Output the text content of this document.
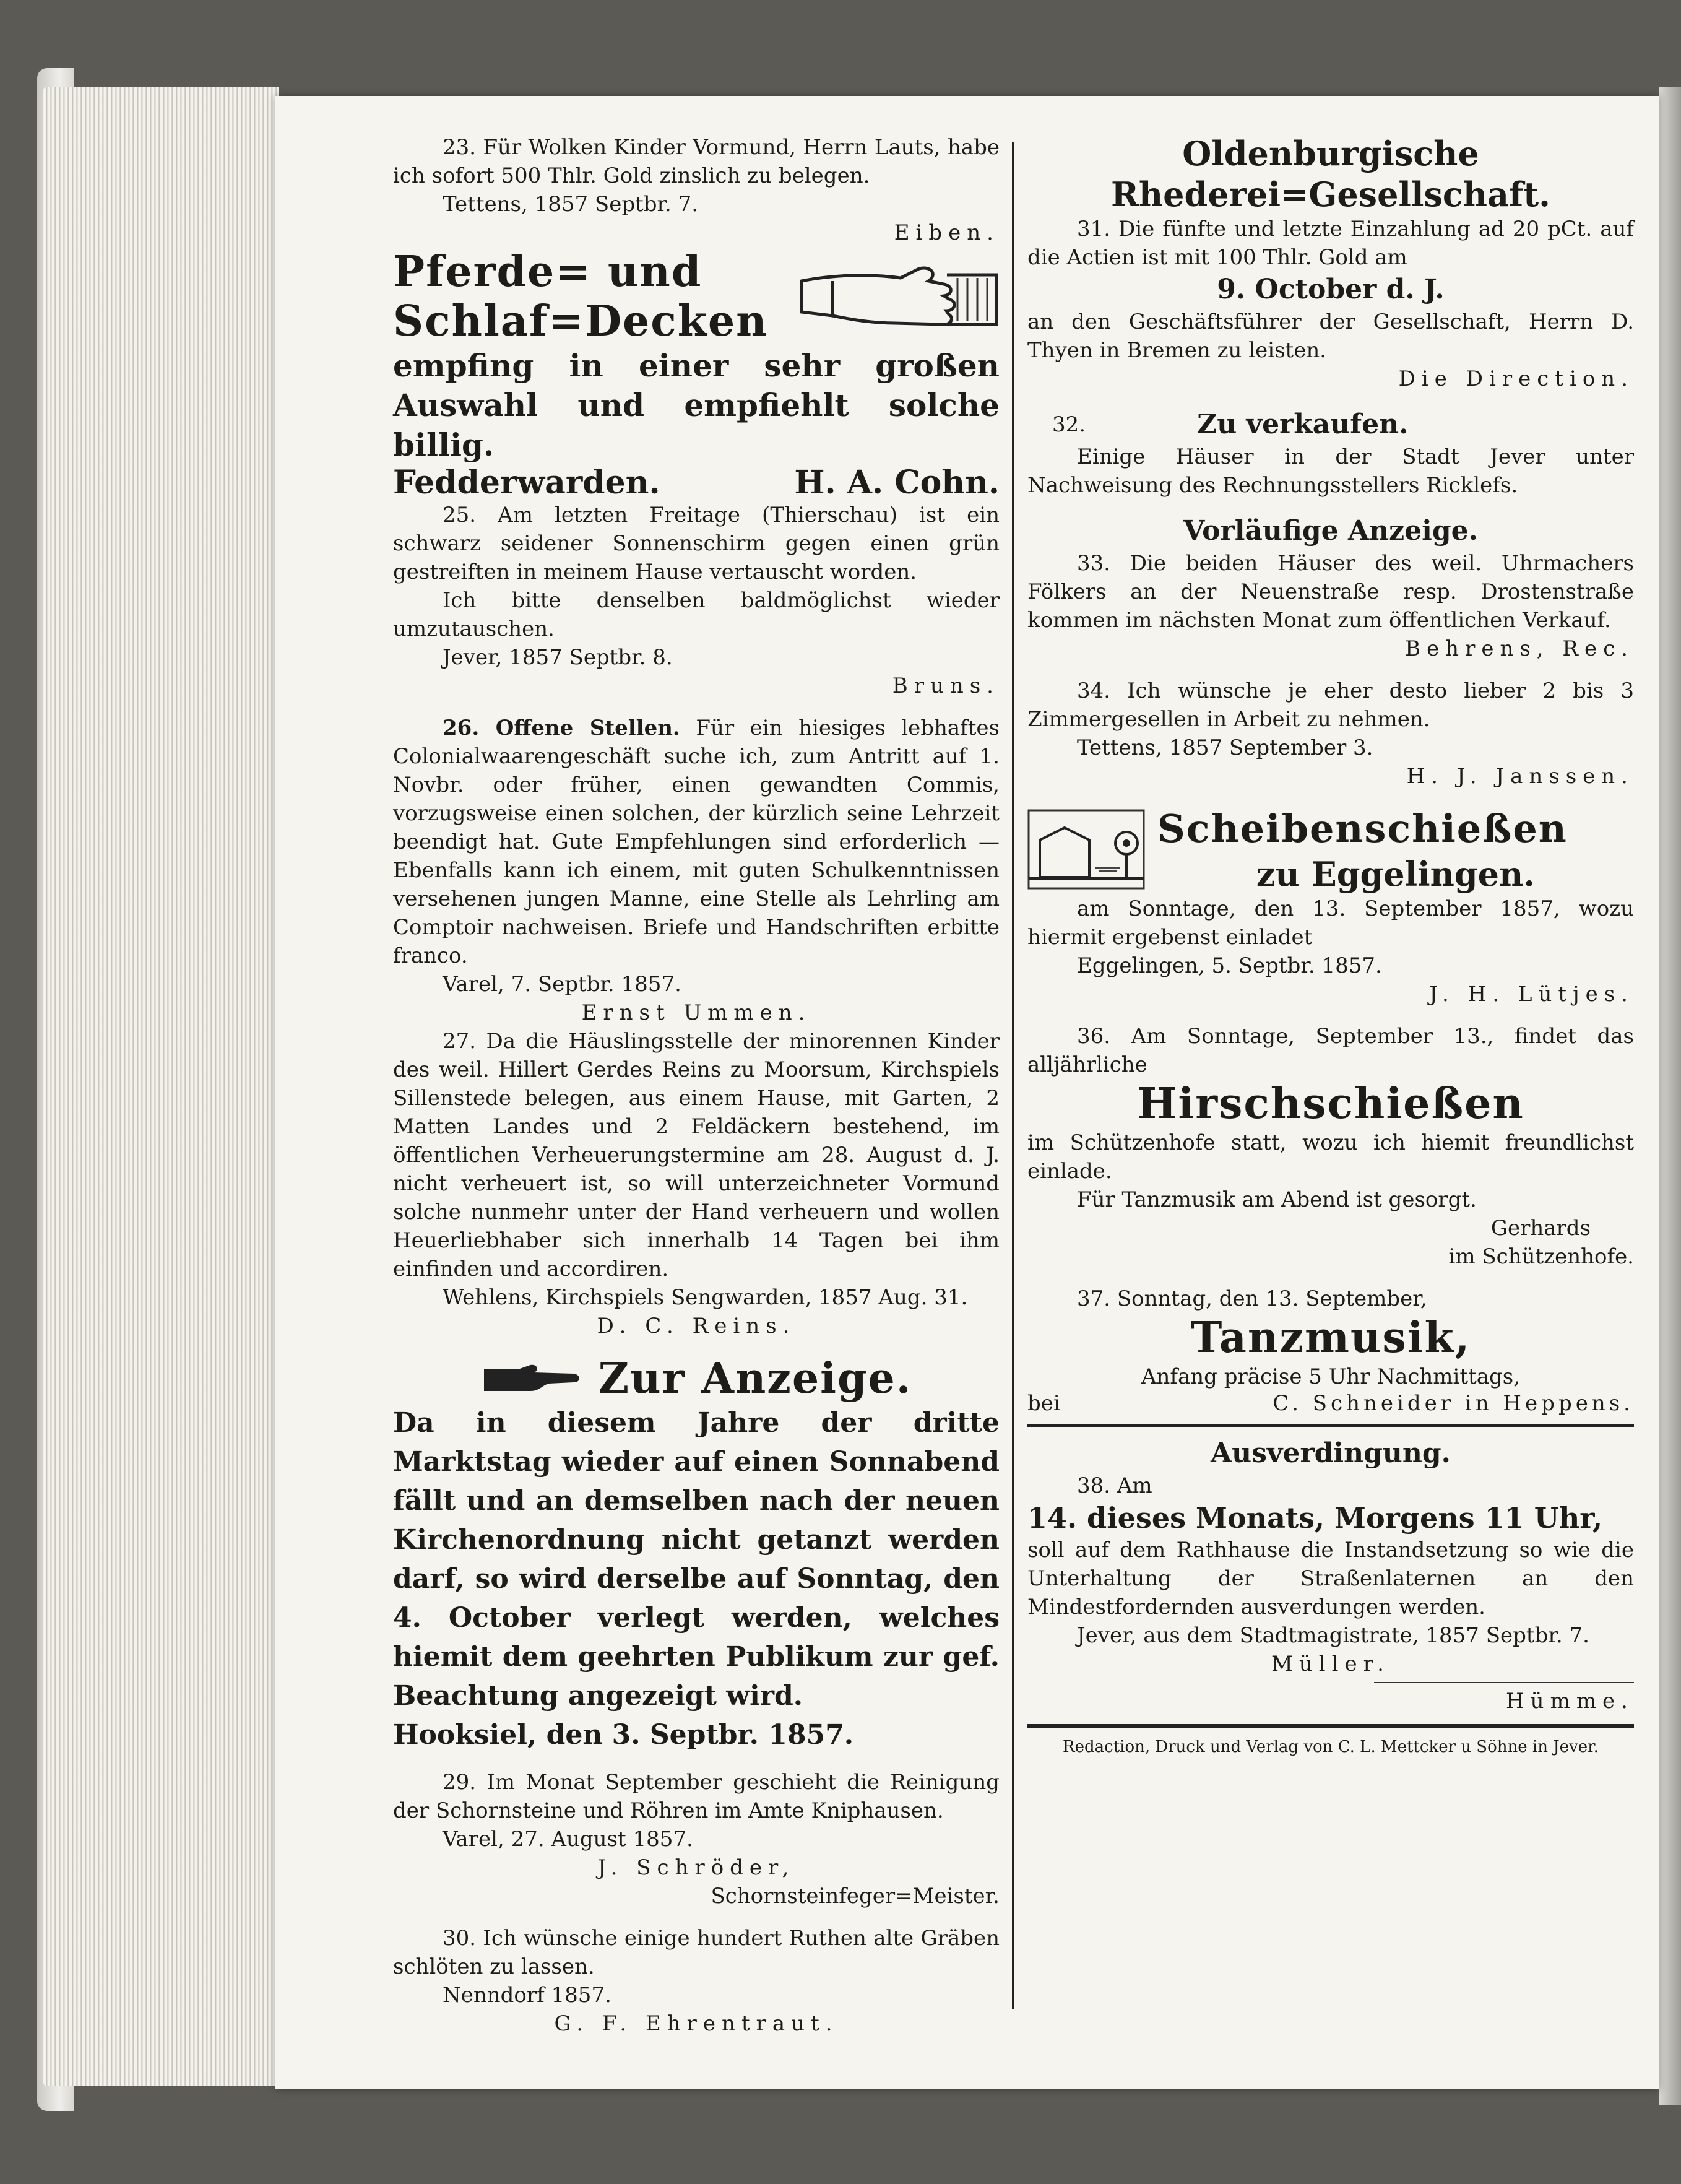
23. Für Wolken Kinder Vormund, Herrn Lauts, habe ich sofort 500 Thlr. Gold zinslich zu belegen.

Tettens, 1857 Septbr. 7.

Eiben.

Pferde= und
Schlaf=Decken

empfing in einer sehr großen Auswahl und empfiehlt solche billig.

Fedderwarden.	H. A. Cohn.

25. Am letzten Freitage (Thierschau) ist ein schwarz seidener Sonnenschirm gegen einen grün gestreiften in meinem Hause vertauscht worden.

Ich bitte denselben baldmöglichst wieder umzutauschen.

Jever, 1857 Septbr. 8.

Bruns.

26. Offene Stellen. Für ein hiesiges lebhaftes Colonialwaarengeschäft suche ich, zum Antritt auf 1. Novbr. oder früher, einen gewandten Commis, vorzugsweise einen solchen, der kürzlich seine Lehrzeit beendigt hat. Gute Empfehlungen sind erforderlich — Ebenfalls kann ich einem, mit guten Schulkenntnissen versehenen jungen Manne, eine Stelle als Lehrling am Comptoir nachweisen. Briefe und Handschriften erbitte franco.

Varel, 7. Septbr. 1857.

Ernst Ummen.

27. Da die Häuslingsstelle der minorennen Kinder des weil. Hillert Gerdes Reins zu Moorsum, Kirchspiels Sillenstede belegen, aus einem Hause, mit Garten, 2 Matten Landes und 2 Feldäckern bestehend, im öffentlichen Verheuerungstermine am 28. August d. J. nicht verheuert ist, so will unterzeichneter Vormund solche nunmehr unter der Hand verheuern und wollen Heuerliebhaber sich innerhalb 14 Tagen bei ihm einfinden und accordiren.

Wehlens, Kirchspiels Sengwarden, 1857 Aug. 31.

D. C. Reins.

Zur Anzeige.

Da in diesem Jahre der dritte Marktstag wieder auf einen Sonnabend fällt und an demselben nach der neuen Kirchenordnung nicht getanzt werden darf, so wird derselbe auf Sonntag, den 4. October verlegt werden, welches hiemit dem geehrten Publikum zur gef. Beachtung angezeigt wird.

Hooksiel, den 3. Septbr. 1857.

29. Im Monat September geschieht die Reinigung der Schornsteine und Röhren im Amte Kniphausen.

Varel, 27. August 1857.

J. Schröder,

Schornsteinfeger=Meister.

30. Ich wünsche einige hundert Ruthen alte Gräben schlöten zu lassen.

Nenndorf 1857.

G. F. Ehrentraut.

Oldenburgische
Rhederei=Gesellschaft.

31. Die fünfte und letzte Einzahlung ad 20 pCt. auf die Actien ist mit 100 Thlr. Gold am

9. October d. J.

an den Geschäftsführer der Gesellschaft, Herrn D. Thyen in Bremen zu leisten.

Die Direction.

32.	Zu verkaufen.

Einige Häuser in der Stadt Jever unter Nachweisung des Rechnungsstellers Ricklefs.

Vorläufige Anzeige.

33. Die beiden Häuser des weil. Uhrmachers Fölkers an der Neuenstraße resp. Drostenstraße kommen im nächsten Monat zum öffentlichen Verkauf.

Behrens, Rec.

34. Ich wünsche je eher desto lieber 2 bis 3 Zimmergesellen in Arbeit zu nehmen.

Tettens, 1857 September 3.

H. J. Janssen.

Scheibenschießen
zu Eggelingen.

am Sonntage, den 13. September 1857, wozu hiermit ergebenst einladet

Eggelingen, 5. Septbr. 1857.

J. H. Lütjes.

36. Am Sonntage, September 13., findet das alljährliche

Hirschschießen

im Schützenhofe statt, wozu ich hiemit freundlichst einlade.

Für Tanzmusik am Abend ist gesorgt.

Gerhards

im Schützenhofe.

37. Sonntag, den 13. September,

Tanzmusik,

Anfang präcise 5 Uhr Nachmittags,

bei	C. Schneider in Heppens.

Ausverdingung.

38. Am

14. dieses Monats, Morgens 11 Uhr,

soll auf dem Rathhause die Instandsetzung so wie die Unterhaltung der Straßenlaternen an den Mindestfordernden ausverdungen werden.

Jever, aus dem Stadtmagistrate, 1857 Septbr. 7.

Müller.

Hümme.

Redaction, Druck und Verlag von C. L. Mettcker u Söhne in Jever.
